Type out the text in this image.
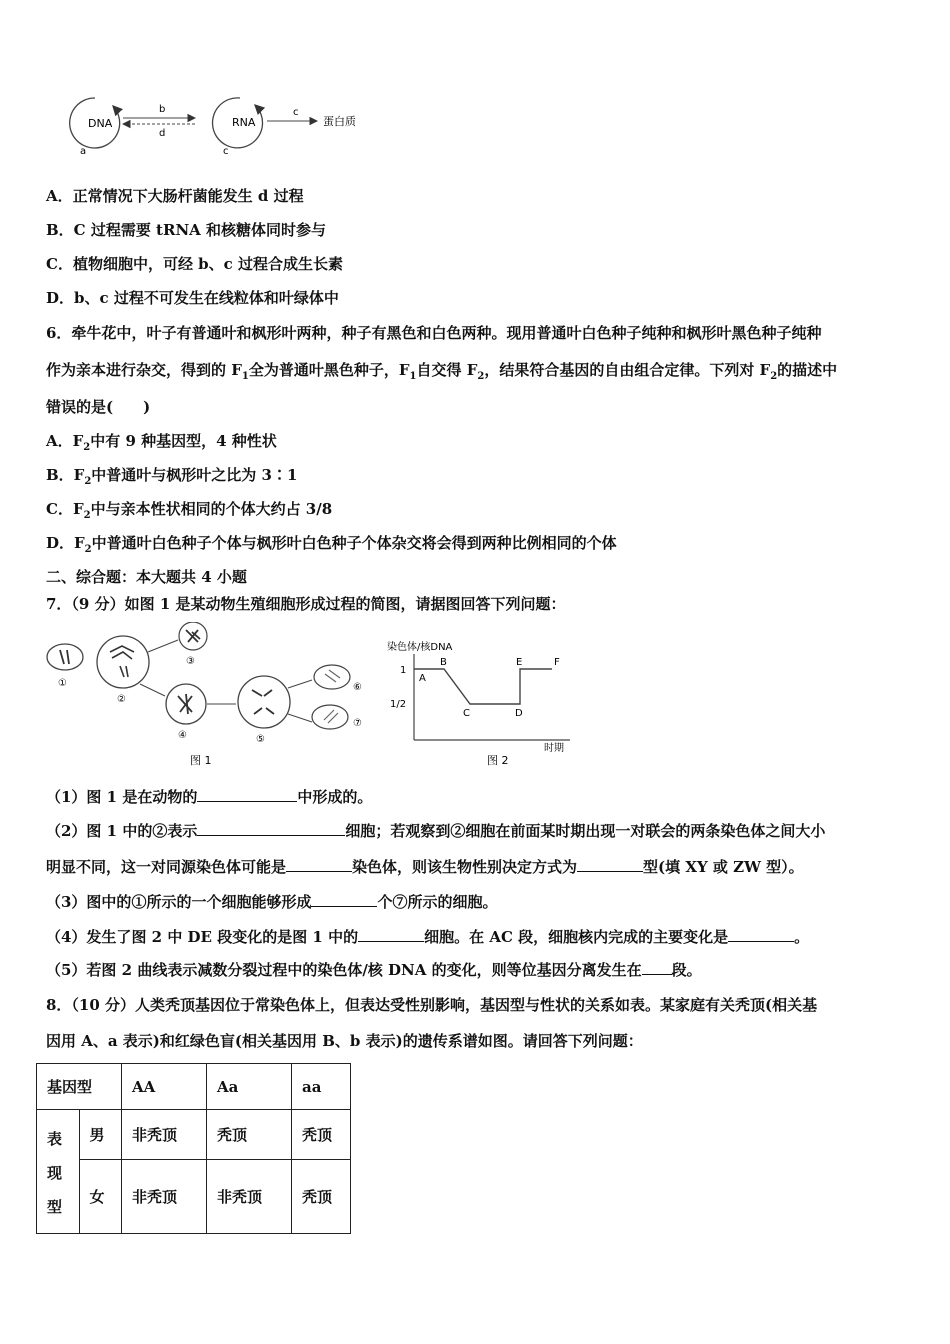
DNA
a
b
d
RNA
c
c
蛋白质
A．正常情况下大肠杆菌能发生 d 过程
B．C 过程需要 tRNA 和核糖体同时参与
C．植物细胞中，可经 b、c 过程合成生长素
D．b、c 过程不可发生在线粒体和叶绿体中
6．牵牛花中，叶子有普通叶和枫形叶两种，种子有黑色和白色两种。现用普通叶白色种子纯种和枫形叶黑色种子纯种
作为亲本进行杂交，得到的 $F_1$全为普通叶黑色种子，$F_1$自交得 $F_2$，结果符合基因的自由组合定律。下列对 $F_2$的描述中
错误的是(　　)
A．$F_2$中有 9 种基因型，4 种性状
B．$F_2$中普通叶与枫形叶之比为 3∶1
C．$F_2$中与亲本性状相同的个体大约占 3/8
D．$F_2$中普通叶白色种子个体与枫形叶白色种子个体杂交将会得到两种比例相同的个体
二、综合题：本大题共 4 小题
7．（9 分）如图 1 是某动物生殖细胞形成过程的简图，请据图回答下列问题：
①
②
③
④	⑤
⑥
⑦
图 1
染色体/核DNA
1
1/2
A
B
C	D
E	F
时期
图 2
（1）图 1 是在动物的	中形成的。
（2）图 1 中的②表示	细胞；若观察到②细胞在前面某时期出现一对联会的两条染色体之间大小
明显不同，这一对同源染色体可能是	染色体，则该生物性别决定方式为	型(填 XY 或 ZW 型）。
（3）图中的①所示的一个细胞能够形成	个⑦所示的细胞。
（4）发生了图 2 中 DE 段变化的是图 1 中的	细胞。在 AC 段，细胞核内完成的主要变化是	。
（5）若图 2 曲线表示减数分裂过程中的染色体/核 DNA 的变化，则等位基因分离发生在 段。
8．（10 分）人类秃顶基因位于常染色体上，但表达受性别影响，基因型与性状的关系如表。某家庭有关秃顶(相关基
因用 A、a 表示)和红绿色盲(相关基因用 B、b 表示)的遗传系谱如图。请回答下列问题：
基因型		AA	Aa	aa
表
现
型	男	非秃顶	秃顶	秃顶
	女	非秃顶	非秃顶	秃顶
